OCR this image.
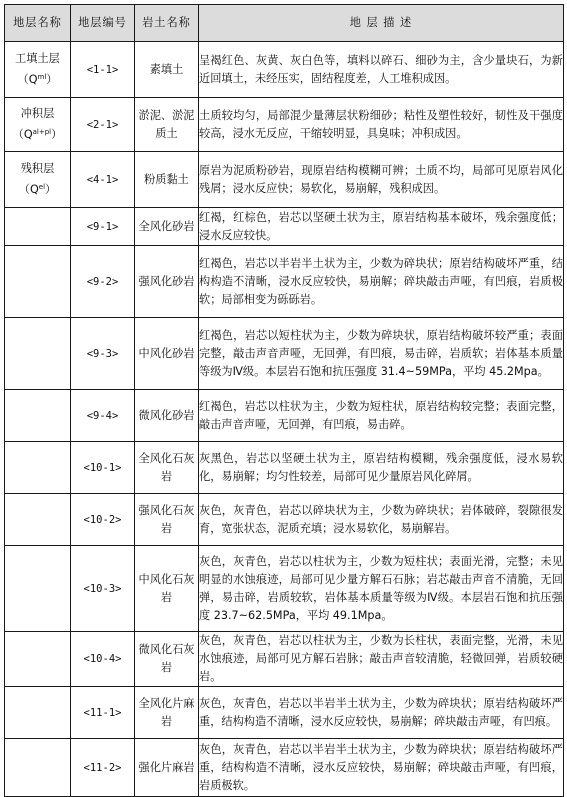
地层名称	地层编号	岩土名称	地 层 描 述
工填土层
$(Q^{ml})$	<1-1>	素填土	呈褐红色、灰黄、灰白色等，填料以碎石、细砂为主，含少量块石，为新近回填土，未经压实，固结程度差，人工堆积成因。
冲积层
$(Q^{al+pl})$	<2-1>	淤泥、淤泥质土	土质较均匀，局部混少量薄层状粉细砂；粘性及塑性较好，韧性及干强度较高，浸水无反应，干缩较明显，具臭味；冲积成因。
残积层
$(Q^{el})$	<4-1>	粉质黏土	原岩为泥质粉砂岩，现原岩结构模糊可辨；土质不均，局部可见原岩风化残屑；浸水反应快；易软化，易崩解，残积成因。
	<9-1>	全风化砂岩	红褐，红棕色，岩芯以坚硬土状为主，原岩结构基本破坏，残余强度低；浸水反应较快。
	<9-2>	强风化砂岩	红褐色，岩芯以半岩半土状为主，少数为碎块状；原岩结构破坏严重，结构构造不清晰，浸水反应较快，易崩解；碎块敲击声哑，有凹痕，岩质极软；局部相变为砾砾岩。
	<9-3>	中风化砂岩	红褐色，岩芯以短柱状为主，少数为碎块状，原岩结构破坏较严重；表面完整，敲击声音声哑，无回弹，有凹痕，易击碎，岩质软；岩体基本质量等级为Ⅳ级。本层岩石饱和抗压强度 31.4~59MPa，平均 45.2Mpa。
	<9-4>	微风化砂岩	红褐色，岩芯以柱状为主，少数为短柱状，原岩结构较完整；表面完整，敲击声音声哑，无回弹，有凹痕，易击碎。
	<10-1>	全风化石灰岩	灰黑色，岩芯以坚硬土状为主，原岩结构模糊，残余强度低，浸水易软化，易崩解；均匀性较差，局部可见少量原岩风化碎屑。
	<10-2>	强风化石灰岩	灰色，灰青色，岩芯以碎块状为主，少数为碎块状；岩体破碎，裂隙很发育，宽张状态，泥质充填；浸水易软化，易崩解岩。
	<10-3>	中风化石灰岩	灰色，灰青色，岩芯以柱状为主，少数为短柱状；表面光滑，完整；未见明显的水蚀痕迹，局部可见少量方解石石脉；岩芯敲击声音不清脆，无回弹，易击碎，岩质较软，岩体基本质量等级为Ⅳ级。本层岩石饱和抗压强度 23.7~62.5MPa，平均 49.1Mpa。
	<10-4>	微风化石灰岩	灰色，灰青色，岩芯以柱状为主，少数为长柱状，表面完整，光滑，未见水蚀痕迹，局部可见方解石岩脉；敲击声音较清脆，轻微回弹，岩质较硬岩。
	<11-1>	全风化片麻岩	灰色，灰青色，岩芯以半岩半土状为主，少数为碎块状；原岩结构破坏严重，结构构造不清晰，浸水反应较快，易崩解；碎块敲击声哑，有凹痕。
	<11-2>	强化片麻岩	灰色，灰青色，岩芯以半岩半土状为主，少数为碎块状；原岩结构破坏严重，结构构造不清晰，浸水反应较快，易崩解；碎块敲击声哑，有凹痕，岩质极软。
